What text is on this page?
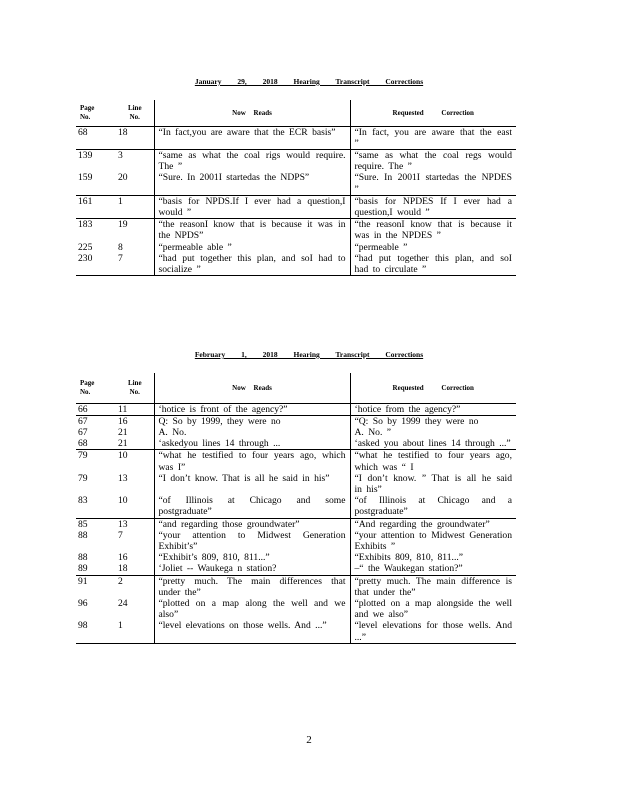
January 29, 2018 Hearing Transcript Corrections
Page
No.	Line
No.	Now Reads	Requested Correction
68	18	“In fact,you are aware that the ECR basis”	“In fact, you are aware that the east ”
139	3	“same as what the coal rigs would require. The ”	“same as what the coal regs would require. The ”
159	20	“Sure. In 2001I startedas the NDPS”	“Sure. In 2001I startedas the NPDES ”
161	1	“basis for NPDS.If I ever had a question,I would ”	“basis for NPDES If I ever had a question,I would ”
183	19	“the reasonI know that is because it was in the NPDS”	“the reasonI know that is because it was in the NPDES ”
225	8	“permeable able ”	“permeable ”
230	7	“had put together this plan, and soI had to socialize ”	“had put together this plan, and soI had to circulate ”
February 1, 2018 Hearing Transcript Corrections
Page
No.	Line
No.	Now Reads	Requested Correction
66	11	‘hotice is front of the agency?”	‘hotice from the agency?”
67	16	Q: So by 1999, they were no	“Q: So by 1999 they were no
67	21	A. No.	A. No. ”
68	21	‘askedyou lines 14 through ...	‘asked you about lines 14 through ...”
79	10	“what he testified to four years ago, which was I”	“what he testified to four years ago, which was “ I
79	13	“I don’t know. That is all he said in his”	“I don’t know. ” That is all he said in his”
83	10	“of Illinois at Chicago and some postgraduate”	“of Illinois at Chicago and a postgraduate”
85	13	“and regarding those groundwater”	“And regarding the groundwater”
88	7	“your attention to Midwest Generation Exhibit’s”	“your attention to Midwest Generation Exhibits ”
88	16	“Exhibit’s 809, 810, 811...”	“Exhibits 809, 810, 811...”
89	18	‘Joliet -- Waukega n station?	–“ the Waukegan station?”
91	2	“pretty much. The main differences that under the”	“pretty much. The main difference is that under the”
96	24	“plotted on a map along the well and we also”	“plotted on a map alongside the well and we also”
98	1	“level elevations on those wells. And ...”	“level elevations for those wells. And ...”
2
